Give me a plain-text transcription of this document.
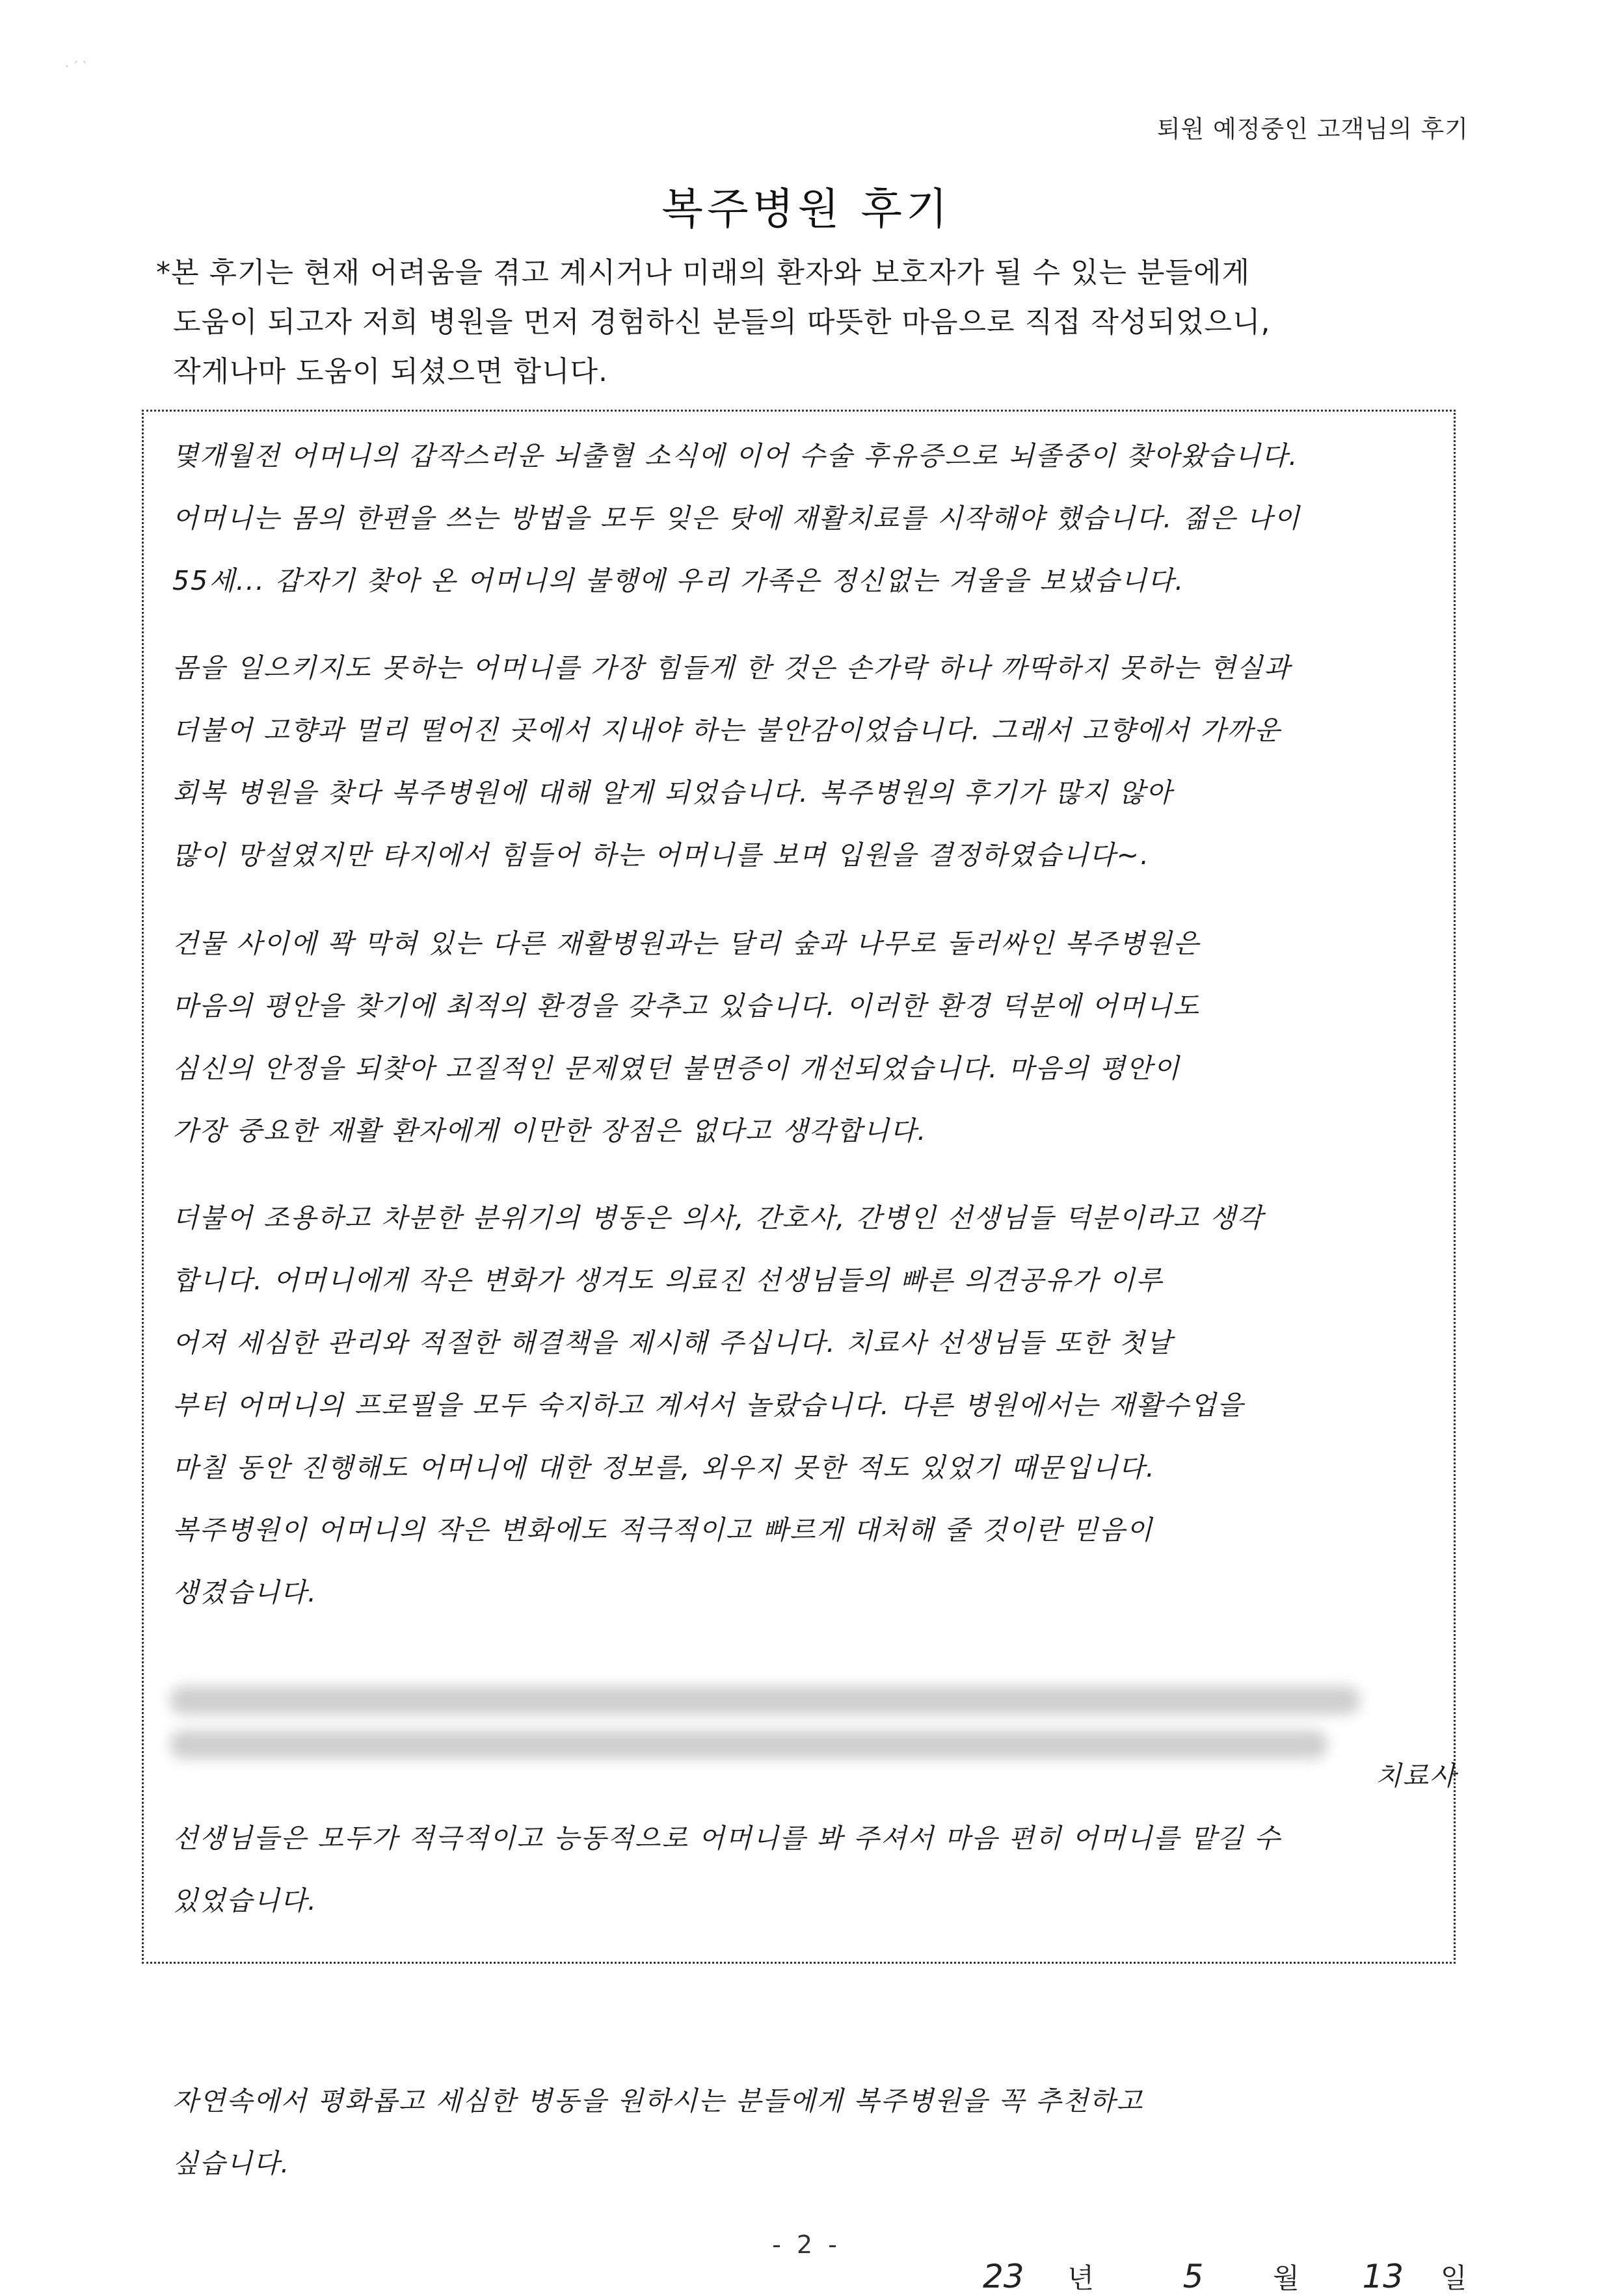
· ˊ ˋ
퇴원 예정중인 고객님의 후기
복주병원 후기
*본 후기는 현재 어려움을 겪고 계시거나 미래의 환자와 보호자가 될 수 있는 분들에게
도움이 되고자 저희 병원을 먼저 경험하신 분들의 따뜻한 마음으로 직접 작성되었으니,
작게나마 도움이 되셨으면 합니다.
몇개월전 어머니의 갑작스러운 뇌출혈 소식에 이어 수술 후유증으로 뇌졸중이 찾아왔습니다.
어머니는 몸의 한편을 쓰는 방법을 모두 잊은 탓에 재활치료를 시작해야 했습니다. 젊은 나이
55세... 갑자기 찾아 온 어머니의 불행에 우리 가족은 정신없는 겨울을 보냈습니다.
몸을 일으키지도 못하는 어머니를 가장 힘들게 한 것은 손가락 하나 까딱하지 못하는 현실과
더불어 고향과 멀리 떨어진 곳에서 지내야 하는 불안감이었습니다. 그래서 고향에서 가까운
회복 병원을 찾다 복주병원에 대해 알게 되었습니다. 복주병원의 후기가 많지 않아
많이 망설였지만 타지에서 힘들어 하는 어머니를 보며 입원을 결정하였습니다~.
건물 사이에 꽉 막혀 있는 다른 재활병원과는 달리 숲과 나무로 둘러싸인 복주병원은
마음의 평안을 찾기에 최적의 환경을 갖추고 있습니다. 이러한 환경 덕분에 어머니도
심신의 안정을 되찾아 고질적인 문제였던 불면증이 개선되었습니다. 마음의 평안이
가장 중요한 재활 환자에게 이만한 장점은 없다고 생각합니다.
더불어 조용하고 차분한 분위기의 병동은 의사, 간호사, 간병인 선생님들 덕분이라고 생각
합니다. 어머니에게 작은 변화가 생겨도 의료진 선생님들의 빠른 의견공유가 이루
어져 세심한 관리와 적절한 해결책을 제시해 주십니다. 치료사 선생님들 또한 첫날
부터 어머니의 프로필을 모두 숙지하고 계셔서 놀랐습니다. 다른 병원에서는 재활수업을
마칠 동안 진행해도 어머니에 대한 정보를, 외우지 못한 적도 있었기 때문입니다.
복주병원이 어머니의 작은 변화에도 적극적이고 빠르게 대처해 줄 것이란 믿음이
생겼습니다.
치료사
선생님들은 모두가 적극적이고 능동적으로 어머니를 봐 주셔서 마음 편히 어머니를 맡길 수
있었습니다.
자연속에서 평화롭고 세심한 병동을 원하시는 분들에게 복주병원을 꼭 추천하고
싶습니다.
23 년	5	월 13 일
- 2 -
